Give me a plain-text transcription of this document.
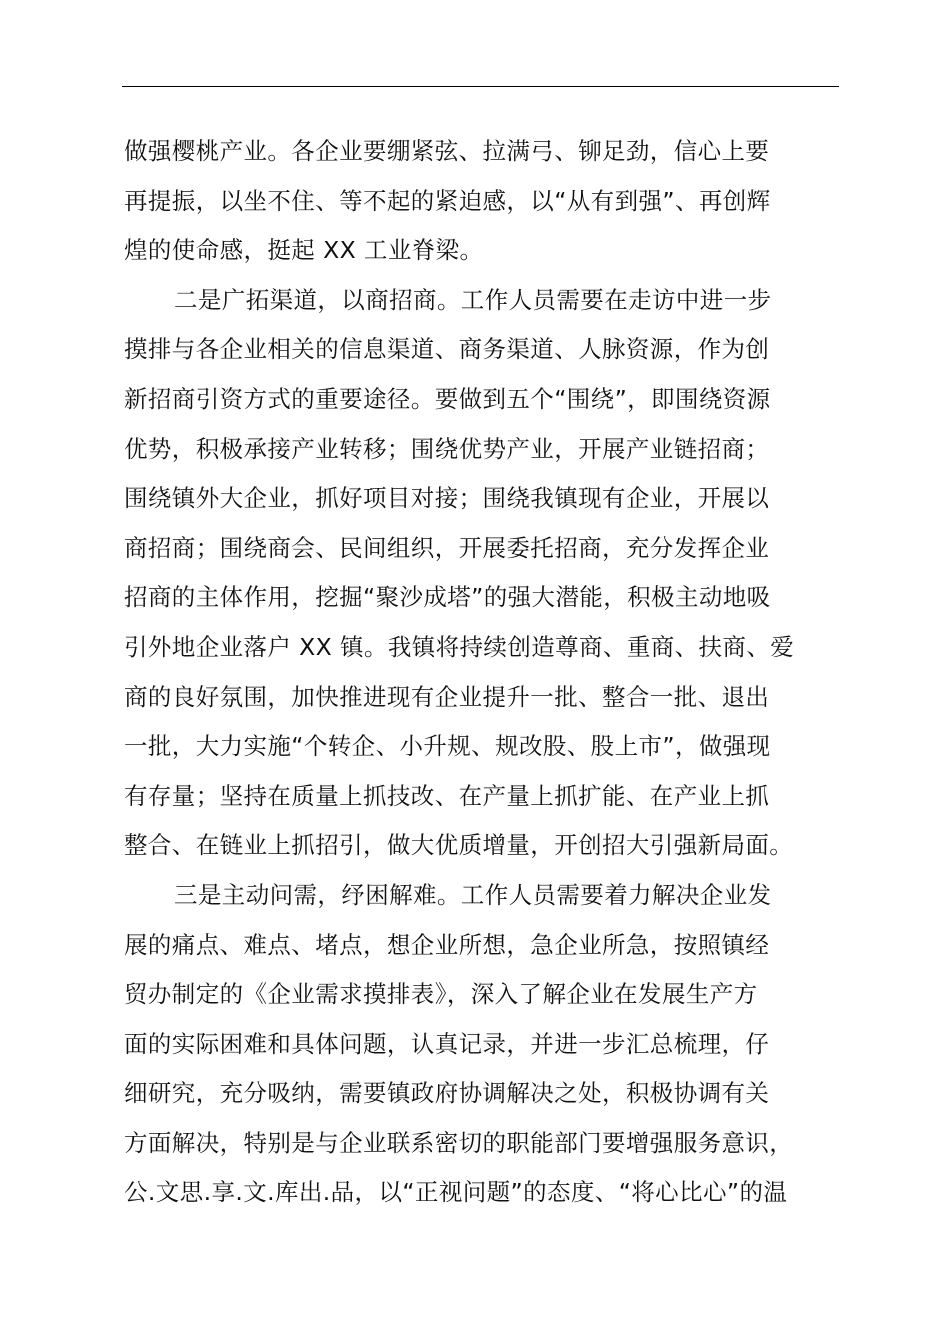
做强樱桃产业。各企业要绷紧弦、拉满弓、铆足劲，信心上要
再提振，以坐不住、等不起的紧迫感，以“从有到强”、再创辉
煌的使命感，挺起 XX 工业脊梁。
二是广拓渠道，以商招商。工作人员需要在走访中进一步
摸排与各企业相关的信息渠道、商务渠道、人脉资源，作为创
新招商引资方式的重要途径。要做到五个“围绕”，即围绕资源
优势，积极承接产业转移；围绕优势产业，开展产业链招商；
围绕镇外大企业，抓好项目对接；围绕我镇现有企业，开展以
商招商；围绕商会、民间组织，开展委托招商，充分发挥企业
招商的主体作用，挖掘“聚沙成塔”的强大潜能，积极主动地吸
引外地企业落户 XX 镇。我镇将持续创造尊商、重商、扶商、爱
商的良好氛围，加快推进现有企业提升一批、整合一批、退出
一批，大力实施“个转企、小升规、规改股、股上市”，做强现
有存量；坚持在质量上抓技改、在产量上抓扩能、在产业上抓
整合、在链业上抓招引，做大优质增量，开创招大引强新局面。
三是主动问需，纾困解难。工作人员需要着力解决企业发
展的痛点、难点、堵点，想企业所想，急企业所急，按照镇经
贸办制定的《企业需求摸排表》，深入了解企业在发展生产方
面的实际困难和具体问题，认真记录，并进一步汇总梳理，仔
细研究，充分吸纳，需要镇政府协调解决之处，积极协调有关
方面解决，特别是与企业联系密切的职能部门要增强服务意识，
公.文思.享.文.库出.品，以“正视问题”的态度、“将心比心”的温
